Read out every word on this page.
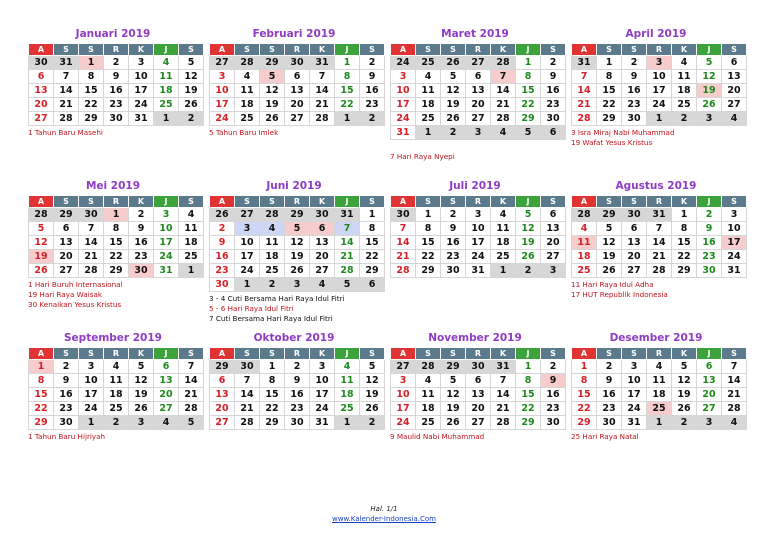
Januari 2019
A	S	S	R	K	J	S
30	31	1	2	3	4	5
6	7	8	9	10	11	12
13	14	15	16	17	18	19
20	21	22	23	24	25	26
27	28	29	30	31	1	2
1 Tahun Baru Masehi
Februari 2019
A	S	S	R	K	J	S
27	28	29	30	31	1	2
3	4	5	6	7	8	9
10	11	12	13	14	15	16
17	18	19	20	21	22	23
24	25	26	27	28	1	2
5 Tahun Baru Imlek
Maret 2019
A	S	S	R	K	J	S
24	25	26	27	28	1	2
3	4	5	6	7	8	9
10	11	12	13	14	15	16
17	18	19	20	21	22	23
24	25	26	27	28	29	30
31	1	2	3	4	5	6

7 Hari Raya Nyepi
April 2019
A	S	S	R	K	J	S
31	1	2	3	4	5	6
7	8	9	10	11	12	13
14	15	16	17	18	19	20
21	22	23	24	25	26	27
28	29	30	1	2	3	4
3 Isra Miraj Nabi Muhammad
19 Wafat Yesus Kristus
Mei 2019
A	S	S	R	K	J	S
28	29	30	1	2	3	4
5	6	7	8	9	10	11
12	13	14	15	16	17	18
19	20	21	22	23	24	25
26	27	28	29	30	31	1
1 Hari Buruh Internasional
19 Hari Raya Waisak
30 Kenaikan Yesus Kristus
Juni 2019
A	S	S	R	K	J	S
26	27	28	29	30	31	1
2	3	4	5	6	7	8
9	10	11	12	13	14	15
16	17	18	19	20	21	22
23	24	25	26	27	28	29
30	1	2	3	4	5	6
3 - 4 Cuti Bersama Hari Raya Idul Fitri
5 - 6 Hari Raya Idul Fitri
7 Cuti Bersama Hari Raya Idul Fitri
Juli 2019
A	S	S	R	K	J	S
30	1	2	3	4	5	6
7	8	9	10	11	12	13
14	15	16	17	18	19	20
21	22	23	24	25	26	27
28	29	30	31	1	2	3
Agustus 2019
A	S	S	R	K	J	S
28	29	30	31	1	2	3
4	5	6	7	8	9	10
11	12	13	14	15	16	17
18	19	20	21	22	23	24
25	26	27	28	29	30	31
11 Hari Raya Idul Adha
17 HUT Republik Indonesia
September 2019
A	S	S	R	K	J	S
1	2	3	4	5	6	7
8	9	10	11	12	13	14
15	16	17	18	19	20	21
22	23	24	25	26	27	28
29	30	1	2	3	4	5
1 Tahun Baru Hijriyah
Oktober 2019
A	S	S	R	K	J	S
29	30	1	2	3	4	5
6	7	8	9	10	11	12
13	14	15	16	17	18	19
20	21	22	23	24	25	26
27	28	29	30	31	1	2
November 2019
A	S	S	R	K	J	S
27	28	29	30	31	1	2
3	4	5	6	7	8	9
10	11	12	13	14	15	16
17	18	19	20	21	22	23
24	25	26	27	28	29	30
9 Maulid Nabi Muhammad
Desember 2019
A	S	S	R	K	J	S
1	2	3	4	5	6	7
8	9	10	11	12	13	14
15	16	17	18	19	20	21
22	23	24	25	26	27	28
29	30	31	1	2	3	4
25 Hari Raya Natal
Hal. 1/1
www.Kalender-Indonesia.Com
